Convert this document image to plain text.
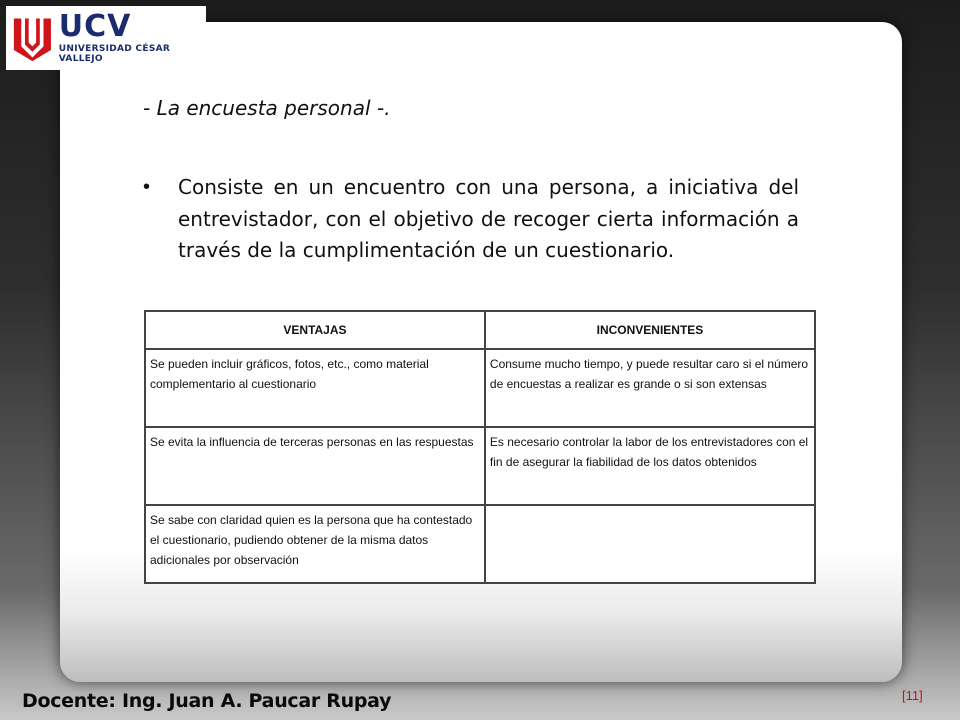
UCV
UNIVERSIDAD CÉSAR VALLEJO
- La encuesta personal -.
•	Consiste en un encuentro con una persona, a iniciativa del entrevistador, con el objetivo de recoger cierta información a través de la cumplimentación de un cuestionario.
VENTAJAS	INCONVENIENTES
Se pueden incluir gráficos, fotos, etc., como material complementario al cuestionario	Consume mucho tiempo, y puede resultar caro si el número de encuestas a realizar es grande o si son extensas
Se evita la influencia de terceras personas en las respuestas	Es necesario controlar la labor de los entrevistadores con el fin de asegurar la fiabilidad de los datos obtenidos
Se sabe con claridad quien es la persona que ha contestado el cuestionario, pudiendo obtener de la misma datos adicionales por observación	
Docente: Ing. Juan A. Paucar Rupay	[11]
